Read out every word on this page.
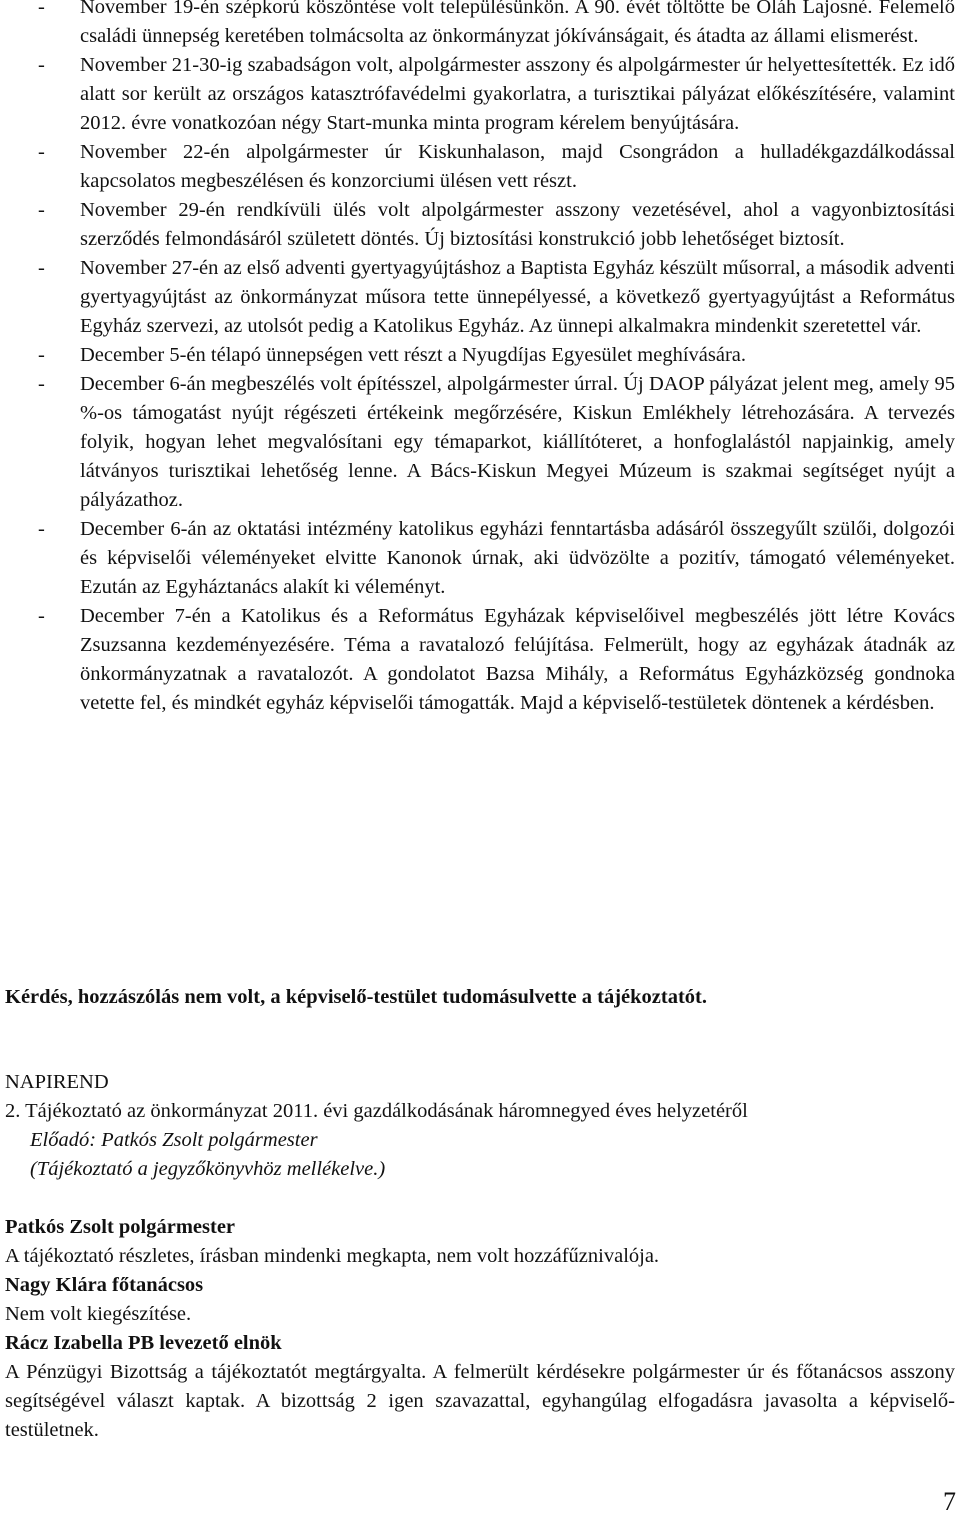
- November 19-én szépkorú köszöntése volt településünkön. A 90. évét töltötte be Oláh Lajosné. Felemelő családi ünnepség keretében tolmácsolta az önkormányzat jókívánságait, és átadta az állami elismerést.
- November 21-30-ig szabadságon volt, alpolgármester asszony és alpolgármester úr helyettesítették. Ez idő alatt sor került az országos katasztrófavédelmi gyakorlatra, a turisztikai pályázat előkészítésére, valamint 2012. évre vonatkozóan négy Start-munka minta program kérelem benyújtására.
- November 22-én alpolgármester úr Kiskunhalason, majd Csongrádon a hulladékgazdálkodással kapcsolatos megbeszélésen és konzorciumi ülésen vett részt.
- November 29-én rendkívüli ülés volt alpolgármester asszony vezetésével, ahol a vagyonbiztosítási szerződés felmondásáról született döntés. Új biztosítási konstrukció jobb lehetőséget biztosít.
- November 27-én az első adventi gyertyagyújtáshoz a Baptista Egyház készült műsorral, a második adventi gyertyagyújtást az önkormányzat műsora tette ünnepélyessé, a következő gyertyagyújtást a Református Egyház szervezi, az utolsót pedig a Katolikus Egyház. Az ünnepi alkalmakra mindenkit szeretettel vár.
- December 5-én télapó ünnepségen vett részt a Nyugdíjas Egyesület meghívására.
- December 6-án megbeszélés volt építésszel, alpolgármester úrral. Új DAOP pályázat jelent meg, amely 95 %-os támogatást nyújt régészeti értékeink megőrzésére, Kiskun Emlékhely létrehozására. A tervezés folyik, hogyan lehet megvalósítani egy témaparkot, kiállítóteret, a honfoglalástól napjainkig, amely látványos turisztikai lehetőség lenne. A Bács-Kiskun Megyei Múzeum is szakmai segítséget nyújt a pályázathoz.
- December 6-án az oktatási intézmény katolikus egyházi fenntartásba adásáról összegyűlt szülői, dolgozói és képviselői véleményeket elvitte Kanonok úrnak, aki üdvözölte a pozitív, támogató véleményeket. Ezután az Egyháztanács alakít ki véleményt.
- December 7-én a Katolikus és a Református Egyházak képviselőivel megbeszélés jött létre Kovács Zsuzsanna kezdeményezésére. Téma a ravatalozó felújítása. Felmerült, hogy az egyházak átadnák az önkormányzatnak a ravatalozót. A gondolatot Bazsa Mihály, a Református Egyházközség gondnoka vetette fel, és mindkét egyház képviselői támogatták. Majd a képviselő-testületek döntenek a kérdésben.
Kérdés, hozzászólás nem volt, a képviselő-testület tudomásulvette a tájékoztatót.
NAPIREND
2. Tájékoztató az önkormányzat 2011. évi gazdálkodásának háromnegyed éves helyzetéről
Előadó: Patkós Zsolt polgármester
(Tájékoztató a jegyzőkönyvhöz mellékelve.)
Patkós Zsolt polgármester
A tájékoztató részletes, írásban mindenki megkapta, nem volt hozzáfűznivalója.
Nagy Klára főtanácsos
Nem volt kiegészítése.
Rácz Izabella PB levezető elnök
A Pénzügyi Bizottság a tájékoztatót megtárgyalta. A felmerült kérdésekre polgármester úr és főtanácsos asszony segítségével választ kaptak. A bizottság 2 igen szavazattal, egyhangúlag elfogadásra javasolta a képviselő-testületnek.
7
